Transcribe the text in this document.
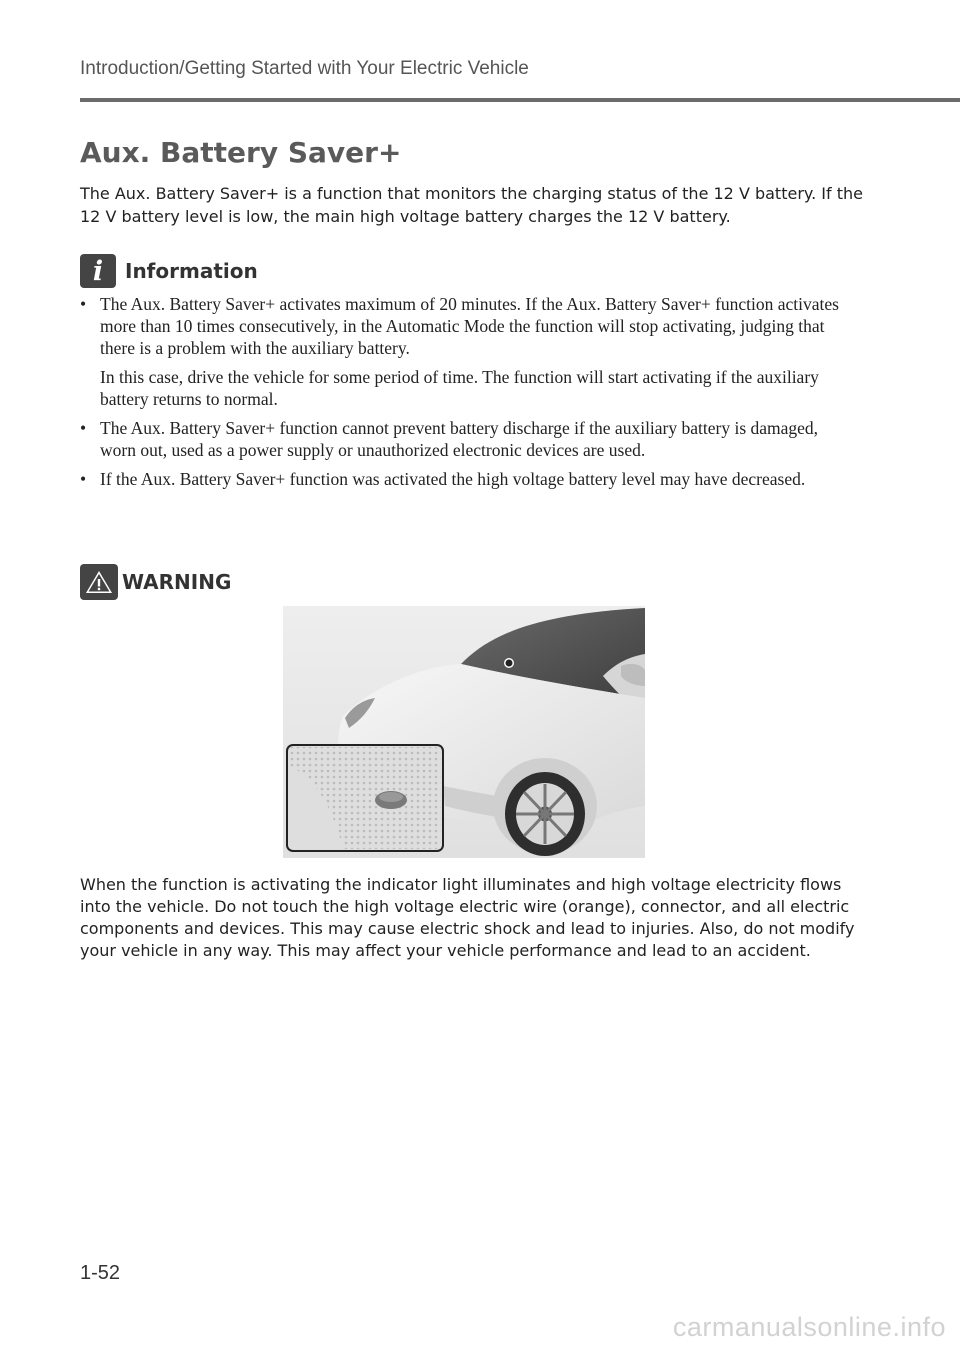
Introduction/Getting Started with Your Electric Vehicle
Aux. Battery Saver+

The Aux. Battery Saver+ is a function that monitors the charging status of the 12 V battery. If the 12 V battery level is low, the main high voltage battery charges the 12 V battery.

i	Information
• The Aux. Battery Saver+ activates maximum of 20 minutes. If the Aux. Battery Saver+ function activates more than 10 times consecutively, in the Automatic Mode the function will stop activating, judging that there is a problem with the auxiliary battery.
In this case, drive the vehicle for some period of time. The function will start activating if the auxiliary battery returns to normal.
• The Aux. Battery Saver+ function cannot prevent battery discharge if the auxiliary battery is damaged, worn out, used as a power supply or unauthorized electronic devices are used.
• If the Aux. Battery Saver+ function was activated the high voltage battery level may have decreased.
WARNING

When the function is activating the indicator light illuminates and high voltage electricity flows into the vehicle. Do not touch the high voltage electric wire (orange), connector, and all electric components and devices. This may cause electric shock and lead to injuries. Also, do not modify your vehicle in any way. This may affect your vehicle performance and lead to an accident.

1-52
carmanualsonline.info
